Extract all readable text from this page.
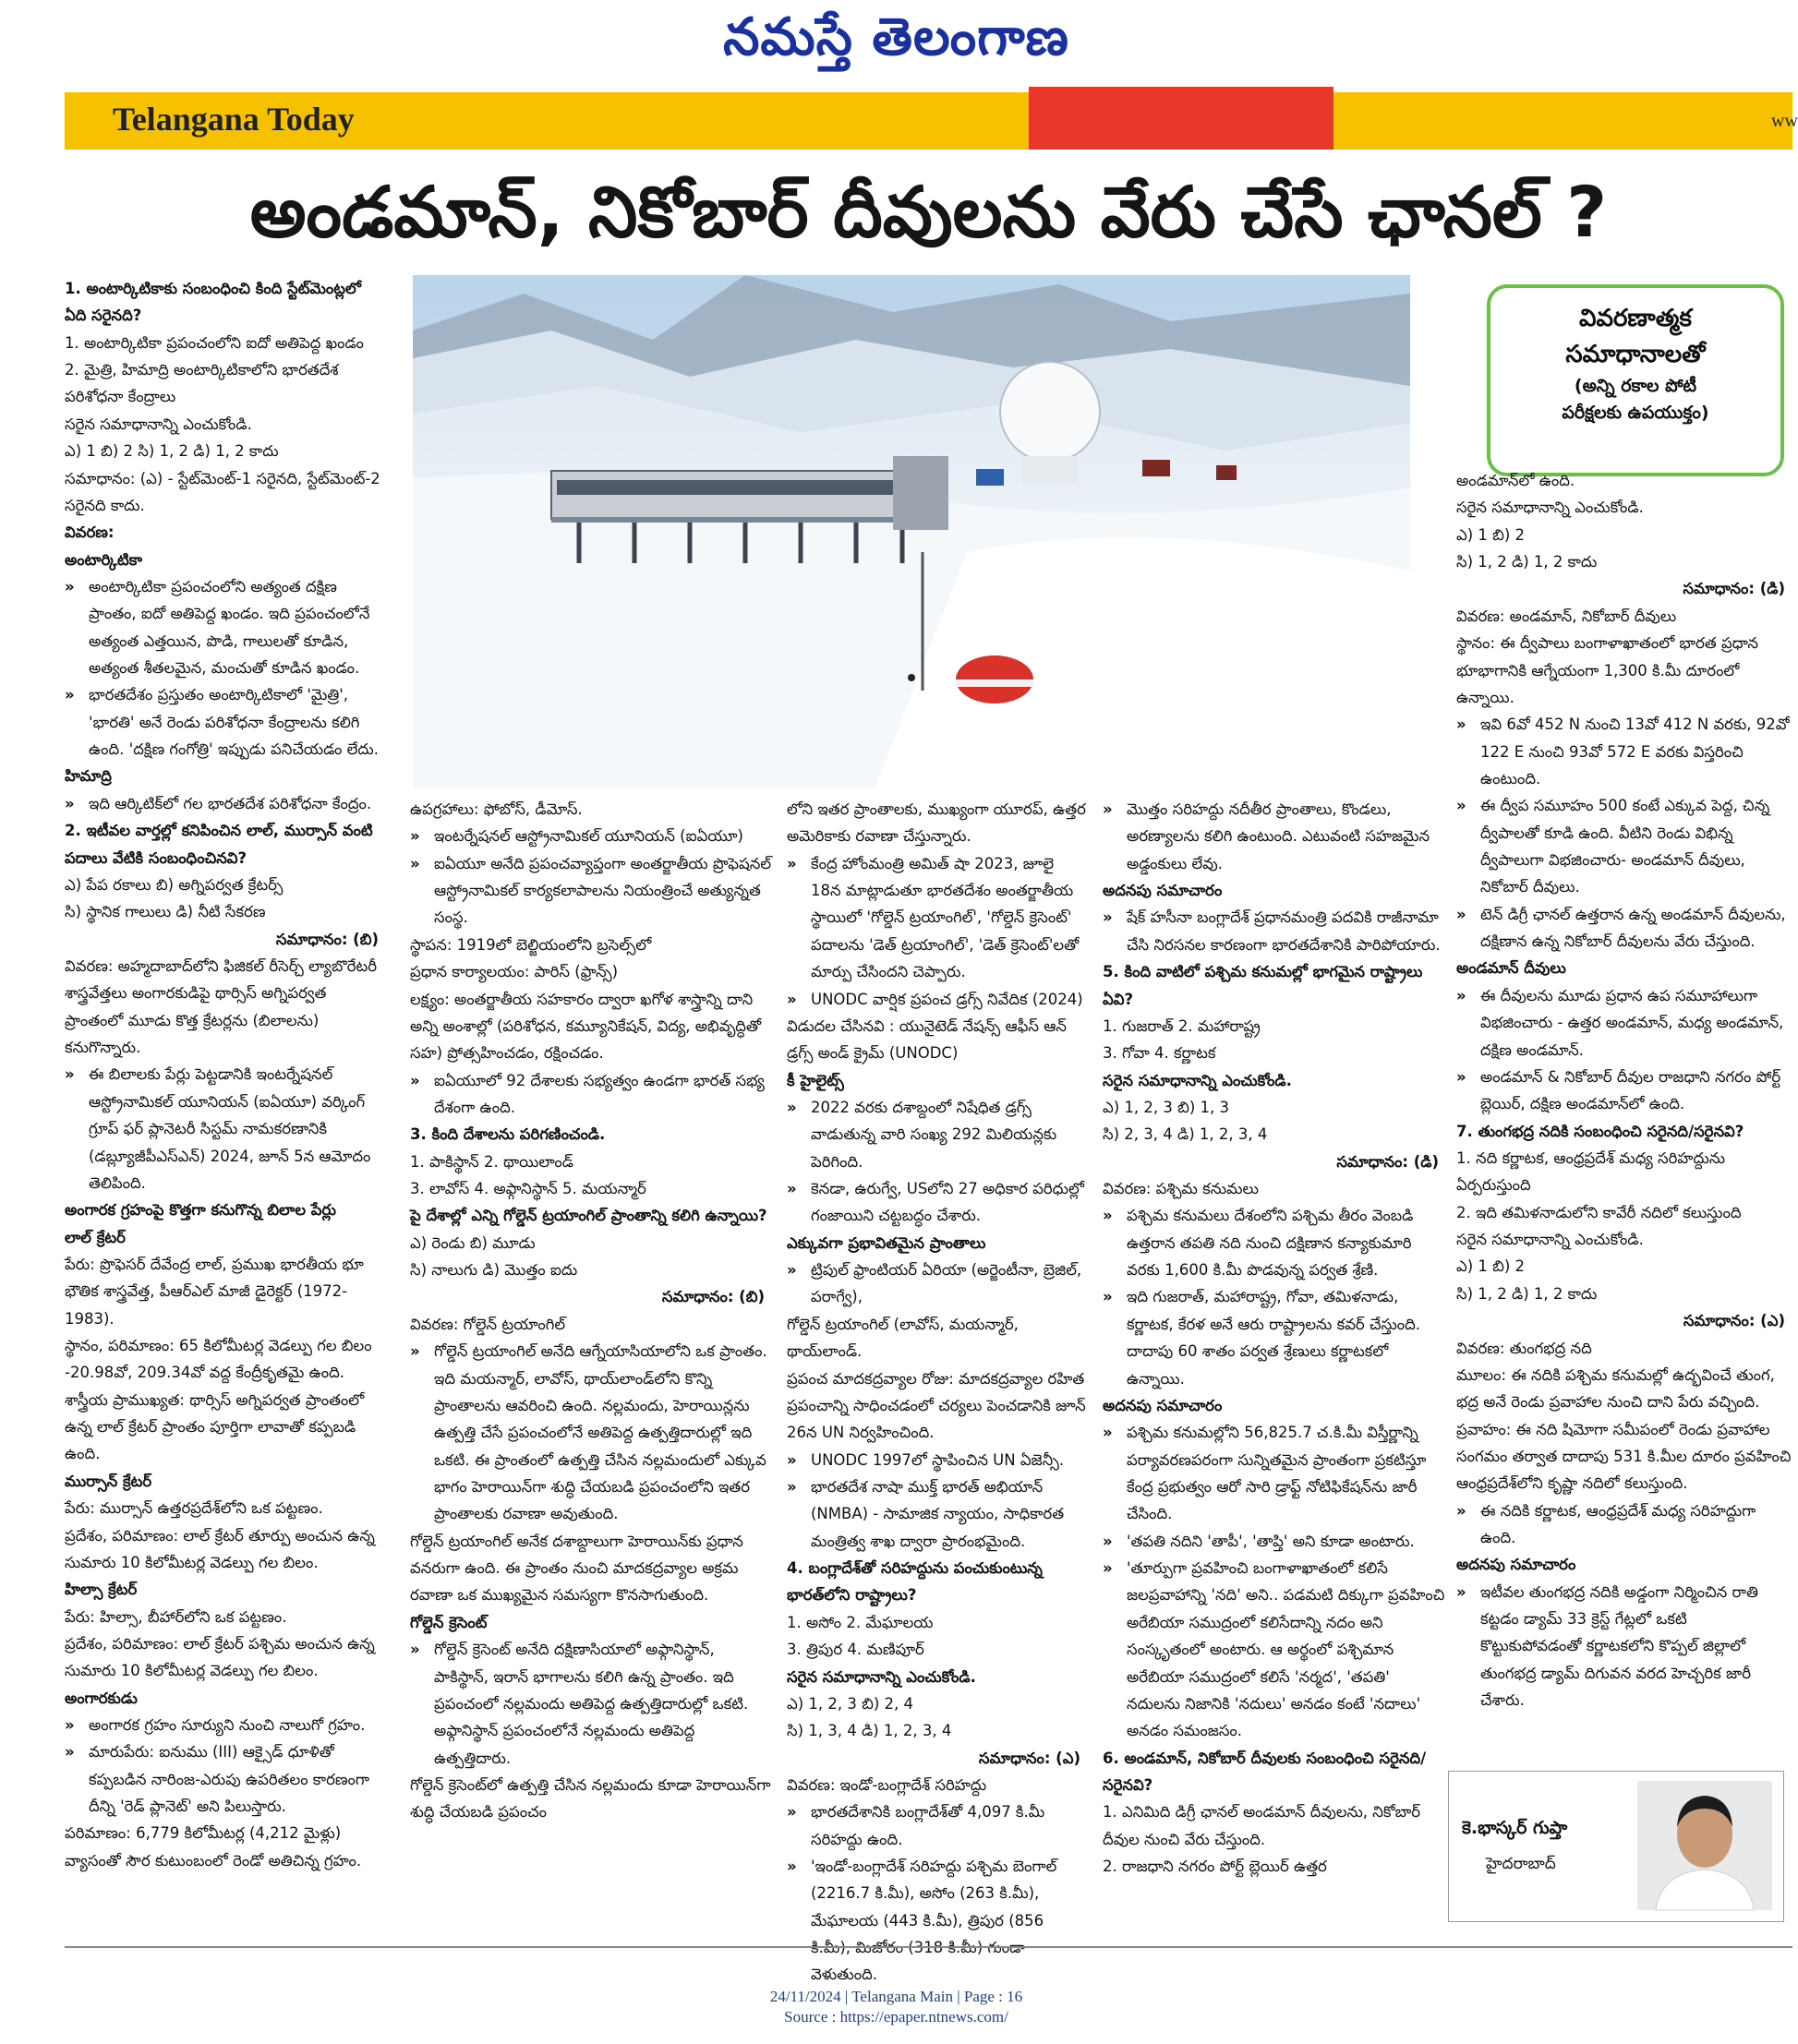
నమస్తే తెలంగాణ
Telangana Today	ww
అండమాన్, నికోబార్ దీవులను వేరు చేసే ఛానల్ ?
వివరణాత్మక
సమాధానాలతో
(అన్ని రకాల పోటీ
పరీక్షలకు ఉపయుక్తం)

1. అంటార్కిటికాకు సంబంధించి కింది స్టేట్‌మెంట్లలో ఏది సరైనది?

1. అంటార్కిటికా ప్రపంచంలోని ఐదో అతిపెద్ద ఖండం

2. మైత్రి, హిమాద్రి అంటార్కిటికాలోని భారతదేశ పరిశోధనా కేంద్రాలు

సరైన సమాధానాన్ని ఎంచుకోండి.

ఎ) 1 బి) 2 సి) 1, 2 డి) 1, 2 కాదు

సమాధానం: (ఎ) - స్టేట్‌మెంట్-1 సరైనది, స్టేట్‌మెంట్-2 సరైనది కాదు.

వివరణ:

అంటార్కిటికా

» అంటార్కిటికా ప్రపంచంలోని అత్యంత దక్షిణ ప్రాంతం, ఐదో అతిపెద్ద ఖండం. ఇది ప్రపంచంలోనే అత్యంత ఎత్తయిన, పొడి, గాలులతో కూడిన, అత్యంత శీతలమైన, మంచుతో కూడిన ఖండం.

» భారతదేశం ప్రస్తుతం అంటార్కిటికాలో 'మైత్రి', 'భారతి' అనే రెండు పరిశోధనా కేంద్రాలను కలిగి ఉంది. 'దక్షిణ గంగోత్రి' ఇప్పుడు పనిచేయడం లేదు.

హిమాద్రి

» ఇది ఆర్కిటిక్‌లో గల భారతదేశ పరిశోధనా కేంద్రం.

2. ఇటీవల వార్తల్లో కనిపించిన లాల్, ముర్సాన్ వంటి పదాలు వేటికి సంబంధించినవి?

ఎ) పేప రకాలు బి) అగ్నిపర్వత క్రేటర్స్

సి) స్థానిక గాలులు డి) నీటి సేకరణ

సమాధానం: (బి)

వివరణ: అహ్మదాబాద్‌లోని ఫిజికల్ రీసెర్చ్ ల్యాబొరేటరీ శాస్త్రవేత్తలు అంగారకుడిపై థార్సిస్ అగ్నిపర్వత ప్రాంతంలో మూడు కొత్త క్రేటర్లను (బిలాలను) కనుగొన్నారు.

» ఈ బిలాలకు పేర్లు పెట్టడానికి ఇంటర్నేషనల్ ఆస్ట్రోనామికల్ యూనియన్ (ఐఏయూ) వర్కింగ్ గ్రూప్ ఫర్ ప్లానెటరీ సిస్టమ్ నామకరణానికి (డబ్ల్యూజీపీఎస్ఎన్) 2024, జూన్ 5న ఆమోదం తెలిపింది.

అంగారక గ్రహంపై కొత్తగా కనుగొన్న బిలాల పేర్లు

లాల్ క్రేటర్

పేరు: ప్రొఫెసర్ దేవేంద్ర లాల్, ప్రముఖ భారతీయ భూ భౌతిక శాస్త్రవేత్త, పీఆర్ఎల్ మాజీ డైరెక్టర్ (1972-1983).

స్థానం, పరిమాణం: 65 కిలోమీటర్ల వెడల్పు గల బిలం -20.98వో, 209.34వో వద్ద కేంద్రీకృతమై ఉంది.

శాస్త్రీయ ప్రాముఖ్యత: థార్సిస్ అగ్నిపర్వత ప్రాంతంలో ఉన్న లాల్ క్రేటర్ ప్రాంతం పూర్తిగా లావాతో కప్పబడి ఉంది.

ముర్సాన్ క్రేటర్

పేరు: ముర్సాన్ ఉత్తరప్రదేశ్‌లోని ఒక పట్టణం.

ప్రదేశం, పరిమాణం: లాల్ క్రేటర్ తూర్పు అంచున ఉన్న సుమారు 10 కిలోమీటర్ల వెడల్పు గల బిలం.

హిల్సా క్రేటర్

పేరు: హిల్సా, బీహార్‌లోని ఒక పట్టణం.

ప్రదేశం, పరిమాణం: లాల్ క్రేటర్ పశ్చిమ అంచున ఉన్న సుమారు 10 కిలోమీటర్ల వెడల్పు గల బిలం.

అంగారకుడు

» అంగారక గ్రహం సూర్యుని నుంచి నాలుగో గ్రహం.

» మారుపేరు: ఐనుము (III) ఆక్సైడ్ ధూళితో కప్పబడిన నారింజ-ఎరుపు ఉపరితలం కారణంగా దీన్ని 'రెడ్ ప్లానెట్' అని పిలుస్తారు.

పరిమాణం: 6,779 కిలోమీటర్ల (4,212 మైళ్లు) వ్యాసంతో సౌర కుటుంబంలో రెండో అతిచిన్న గ్రహం.

ఉపగ్రహాలు: ఫోబోస్, డీమోస్.

» ఇంటర్నేషనల్ ఆస్ట్రోనామికల్ యూనియన్ (ఐఏయూ)

» ఐఏయూ అనేది ప్రపంచవ్యాప్తంగా అంతర్జాతీయ ప్రొఫెషనల్ ఆస్ట్రోనామికల్ కార్యకలాపాలను నియంత్రించే అత్యున్నత సంస్థ.

స్థాపన: 1919లో బెల్జియంలోని బ్రసెల్స్‌లో

ప్రధాన కార్యాలయం: పారిస్ (ఫ్రాన్స్)

లక్ష్యం: అంతర్జాతీయ సహకారం ద్వారా ఖగోళ శాస్త్రాన్ని దాని అన్ని అంశాల్లో (పరిశోధన, కమ్యూనికేషన్, విద్య, అభివృద్ధితో సహ) ప్రోత్సహించడం, రక్షించడం.

» ఐఏయూలో 92 దేశాలకు సభ్యత్వం ఉండగా భారత్ సభ్య దేశంగా ఉంది.

3. కింది దేశాలను పరిగణించండి.

1. పాకిస్థాన్ 2. థాయిలాండ్

3. లావోస్ 4. అఫ్గానిస్థాన్ 5. మయన్మార్

పై దేశాల్లో ఎన్ని గోల్డెన్ ట్రయాంగిల్ ప్రాంతాన్ని కలిగి ఉన్నాయి?

ఎ) రెండు బి) మూడు

సి) నాలుగు డి) మొత్తం ఐదు

సమాధానం: (బి)

వివరణ: గోల్డెన్ ట్రయాంగిల్

» గోల్డెన్ ట్రయాంగిల్ అనేది ఆగ్నేయాసియాలోని ఒక ప్రాంతం. ఇది మయన్మార్, లావోస్, థాయ్‌లాండ్‌లోని కొన్ని ప్రాంతాలను ఆవరించి ఉంది. నల్లమందు, హెరాయిన్లను ఉత్పత్తి చేసే ప్రపంచంలోనే అతిపెద్ద ఉత్పత్తిదారుల్లో ఇది ఒకటి. ఈ ప్రాంతంలో ఉత్పత్తి చేసిన నల్లమందులో ఎక్కువ భాగం హెరాయిన్‌గా శుద్ధి చేయబడి ప్రపంచంలోని ఇతర ప్రాంతాలకు రవాణా అవుతుంది.

గోల్డెన్ ట్రయాంగిల్ అనేక దశాబ్దాలుగా హెరాయిన్‌కు ప్రధాన వనరుగా ఉంది. ఈ ప్రాంతం నుంచి మాదకద్రవ్యాల అక్రమ రవాణా ఒక ముఖ్యమైన సమస్యగా కొనసాగుతుంది.

గోల్డెన్ క్రెసెంట్

» గోల్డెన్ క్రెసెంట్ అనేది దక్షిణాసియాలో అఫ్గానిస్థాన్, పాకిస్థాన్, ఇరాన్ భాగాలను కలిగి ఉన్న ప్రాంతం. ఇది ప్రపంచంలో నల్లమందు అతిపెద్ద ఉత్పత్తిదారుల్లో ఒకటి. అఫ్గానిస్థాన్ ప్రపంచంలోనే నల్లమందు అతిపెద్ద ఉత్పత్తిదారు.

గోల్డెన్ క్రెసెంట్‌లో ఉత్పత్తి చేసిన నల్లమందు కూడా హెరాయిన్‌గా శుద్ధి చేయబడి ప్రపంచం

లోని ఇతర ప్రాంతాలకు, ముఖ్యంగా యూరప్, ఉత్తర అమెరికాకు రవాణా చేస్తున్నారు.

» కేంద్ర హోంమంత్రి అమిత్ షా 2023, జూలై 18న మాట్లాడుతూ భారతదేశం అంతర్జాతీయ స్థాయిలో 'గోల్డెన్ ట్రయాంగిల్', 'గోల్డెన్ క్రెసెంట్' పదాలను 'డెత్ ట్రయాంగిల్', 'డెత్ క్రెసెంట్'లతో మార్పు చేసిందని చెప్పారు.

» UNODC వార్షిక ప్రపంచ డ్రగ్స్ నివేదిక (2024)

విడుదల చేసినవి : యునైటెడ్ నేషన్స్ ఆఫీస్ ఆన్ డ్రగ్స్ అండ్ క్రైమ్ (UNODC)

కీ హైలైట్స్

» 2022 వరకు దశాబ్దంలో నిషేధిత డ్రగ్స్ వాడుతున్న వారి సంఖ్య 292 మిలియన్లకు పెరిగింది.

» కెనడా, ఉరుగ్వే, USలోని 27 అధికార పరిధుల్లో గంజాయిని చట్టబద్ధం చేశారు.

ఎక్కువగా ప్రభావితమైన ప్రాంతాలు

» ట్రిపుల్ ఫ్రాంటియర్ ఏరియా (అర్జెంటీనా, బ్రెజిల్, పరాగ్వే),

గోల్డెన్ ట్రయాంగిల్ (లావోస్, మయన్మార్, థాయ్‌లాండ్.

ప్రపంచ మాదకద్రవ్యాల రోజు: మాదకద్రవ్యాల రహిత ప్రపంచాన్ని సాధించడంలో చర్యలు పెంచడానికి జూన్ 26న UN నిర్వహించింది.

» UNODC 1997లో స్థాపించిన UN ఏజెన్సీ.

» భారతదేశ నాషా ముక్త్ భారత్ అభియాన్ (NMBA) - సామాజిక న్యాయం, సాధికారత మంత్రిత్వ శాఖ ద్వారా ప్రారంభమైంది.

4. బంగ్లాదేశ్‌తో సరిహద్దును పంచుకుంటున్న భారత్‌లోని రాష్ట్రాలు?

1. అసోం 2. మేఘాలయ

3. త్రిపుర 4. మణిపూర్

సరైన సమాధానాన్ని ఎంచుకోండి.

ఎ) 1, 2, 3 బి) 2, 4

సి) 1, 3, 4 డి) 1, 2, 3, 4

సమాధానం: (ఎ)

వివరణ: ఇండో-బంగ్లాదేశ్ సరిహద్దు

» భారతదేశానికి బంగ్లాదేశ్‌తో 4,097 కి.మీ సరిహద్దు ఉంది.

» 'ఇండో-బంగ్లాదేశ్ సరిహద్దు పశ్చిమ బెంగాల్ (2216.7 కి.మీ), అసోం (263 కి.మీ), మేఘాలయ (443 కి.మీ), త్రిపుర (856 వెళుతుంది.

» మొత్తం సరిహద్దు నదీతీర ప్రాంతాలు, కొండలు, అరణ్యాలను కలిగి ఉంటుంది. ఎటువంటి సహజమైన అడ్డంకులు లేవు.

అదనపు సమాచారం

» షేక్ హసీనా బంగ్లాదేశ్ ప్రధానమంత్రి పదవికి రాజీనామా చేసి నిరసనల కారణంగా భారతదేశానికి పారిపోయారు.

5. కింది వాటిలో పశ్చిమ కనుమల్లో భాగమైన రాష్ట్రాలు ఏవి?

1. గుజరాత్ 2. మహారాష్ట్ర

3. గోవా 4. కర్ణాటక

సరైన సమాధానాన్ని ఎంచుకోండి.

ఎ) 1, 2, 3 బి) 1, 3

సి) 2, 3, 4 డి) 1, 2, 3, 4

సమాధానం: (డి)

వివరణ: పశ్చిమ కనుమలు

» పశ్చిమ కనుమలు దేశంలోని పశ్చిమ తీరం వెంబడి ఉత్తరాన తపతి నది నుంచి దక్షిణాన కన్యాకుమారి వరకు 1,600 కి.మీ పొడవున్న పర్వత శ్రేణి.

» ఇది గుజరాత్, మహారాష్ట్ర, గోవా, తమిళనాడు, కర్ణాటక, కేరళ అనే ఆరు రాష్ట్రాలను కవర్ చేస్తుంది. దాదాపు 60 శాతం పర్వత శ్రేణులు కర్ణాటకలో ఉన్నాయి.

అదనపు సమాచారం

» పశ్చిమ కనుమల్లోని 56,825.7 చ.కి.మీ విస్తీర్ణాన్ని పర్యావరణపరంగా సున్నితమైన ప్రాంతంగా ప్రకటిస్తూ కేంద్ర ప్రభుత్వం ఆరో సారి డ్రాఫ్ట్ నోటిఫికేషన్‌ను జారీ చేసింది.

» 'తపతి నదిని 'తాపీ', 'తాప్తి' అని కూడా అంటారు.

» 'తూర్పుగా ప్రవహించి బంగాళాఖాతంలో కలిసే జలప్రవాహాన్ని 'నది' అని.. పడమటి దిక్కుగా ప్రవహించి అరేబియా సముద్రంలో కలిసేదాన్ని నదం అని సంస్కృతంలో అంటారు. ఆ అర్థంలో పశ్చిమాన అరేబియా సముద్రంలో కలిసే 'నర్మద', 'తపతి' నదులను నిజానికి 'నదులు' అనడం కంటే 'నదాలు' అనడం సమంజసం.

6. అండమాన్, నికోబార్ దీవులకు సంబంధించి సరైనది/సరైనవి?

1. ఎనిమిది డిగ్రీ ఛానల్ అండమాన్ దీవులను, నికోబార్ దీవుల నుంచి వేరు చేస్తుంది.

2. రాజధాని నగరం పోర్ట్ బ్లెయిర్ ఉత్తర

అండమాన్‌లో ఉంది.

సరైన సమాధానాన్ని ఎంచుకోండి.

ఎ) 1 బి) 2

సి) 1, 2 డి) 1, 2 కాదు

సమాధానం: (డి)

వివరణ: అండమాన్, నికోబార్ దీవులు

స్థానం: ఈ ద్వీపాలు బంగాళాఖాతంలో భారత ప్రధాన భూభాగానికి ఆగ్నేయంగా 1,300 కి.మీ దూరంలో ఉన్నాయి.

» ఇవి 6వో 452 N నుంచి 13వో 412 N వరకు, 92వో 122 E నుంచి 93వో 572 E వరకు విస్తరించి ఉంటుంది.

» ఈ ద్వీప సమూహం 500 కంటే ఎక్కువ పెద్ద, చిన్న ద్వీపాలతో కూడి ఉంది. వీటిని రెండు విభిన్న ద్వీపాలుగా విభజించారు- అండమాన్ దీవులు, నికోబార్ దీవులు.

» టెన్ డిగ్రీ ఛానల్ ఉత్తరాన ఉన్న అండమాన్ దీవులను, దక్షిణాన ఉన్న నికోబార్ దీవులను వేరు చేస్తుంది.

అండమాన్ దీవులు

» ఈ దీవులను మూడు ప్రధాన ఉప సమూహాలుగా విభజించారు - ఉత్తర అండమాన్, మధ్య అండమాన్, దక్షిణ అండమాన్.

» అండమాన్ & నికోబార్ దీవుల రాజధాని నగరం పోర్ట్ బ్లెయిర్, దక్షిణ అండమాన్‌లో ఉంది.

7. తుంగభద్ర నదికి సంబంధించి సరైనది/సరైనవి?

1. నది కర్ణాటక, ఆంధ్రప్రదేశ్ మధ్య సరిహద్దును ఏర్పరుస్తుంది

2. ఇది తమిళనాడులోని కావేరీ నదిలో కలుస్తుంది

సరైన సమాధానాన్ని ఎంచుకోండి.

ఎ) 1 బి) 2

సి) 1, 2 డి) 1, 2 కాదు

సమాధానం: (ఎ)

వివరణ: తుంగభద్ర నది

మూలం: ఈ నదికి పశ్చిమ కనుమల్లో ఉద్భవించే తుంగ, భద్ర అనే రెండు ప్రవాహాల నుంచి దాని పేరు వచ్చింది.

ప్రవాహం: ఈ నది షిమోగా సమీపంలో రెండు ప్రవాహాల సంగమం తర్వాత దాదాపు 531 కి.మీల దూరం ప్రవహించి ఆంధ్రప్రదేశ్‌లోని కృష్ణా నదిలో కలుస్తుంది.

» ఈ నదికి కర్ణాటక, ఆంధ్రప్రదేశ్ మధ్య సరిహద్దుగా ఉంది.

అదనపు సమాచారం

» ఇటీవల తుంగభద్ర నదికి అడ్డంగా నిర్మించిన రాతి కట్టడం డ్యామ్ 33 క్రెస్ట్ గేట్లలో ఒకటి కొట్టుకుపోవడంతో కర్ణాటకలోని కొప్పల్ జిల్లాలో తుంగభద్ర డ్యామ్ దిగువన వరద హెచ్చరిక జారీ చేశారు.

కె.భాస్కర్ గుప్తా
హైదరాబాద్
24/11/2024 | Telangana Main | Page : 16
Source : https://epaper.ntnews.com/
